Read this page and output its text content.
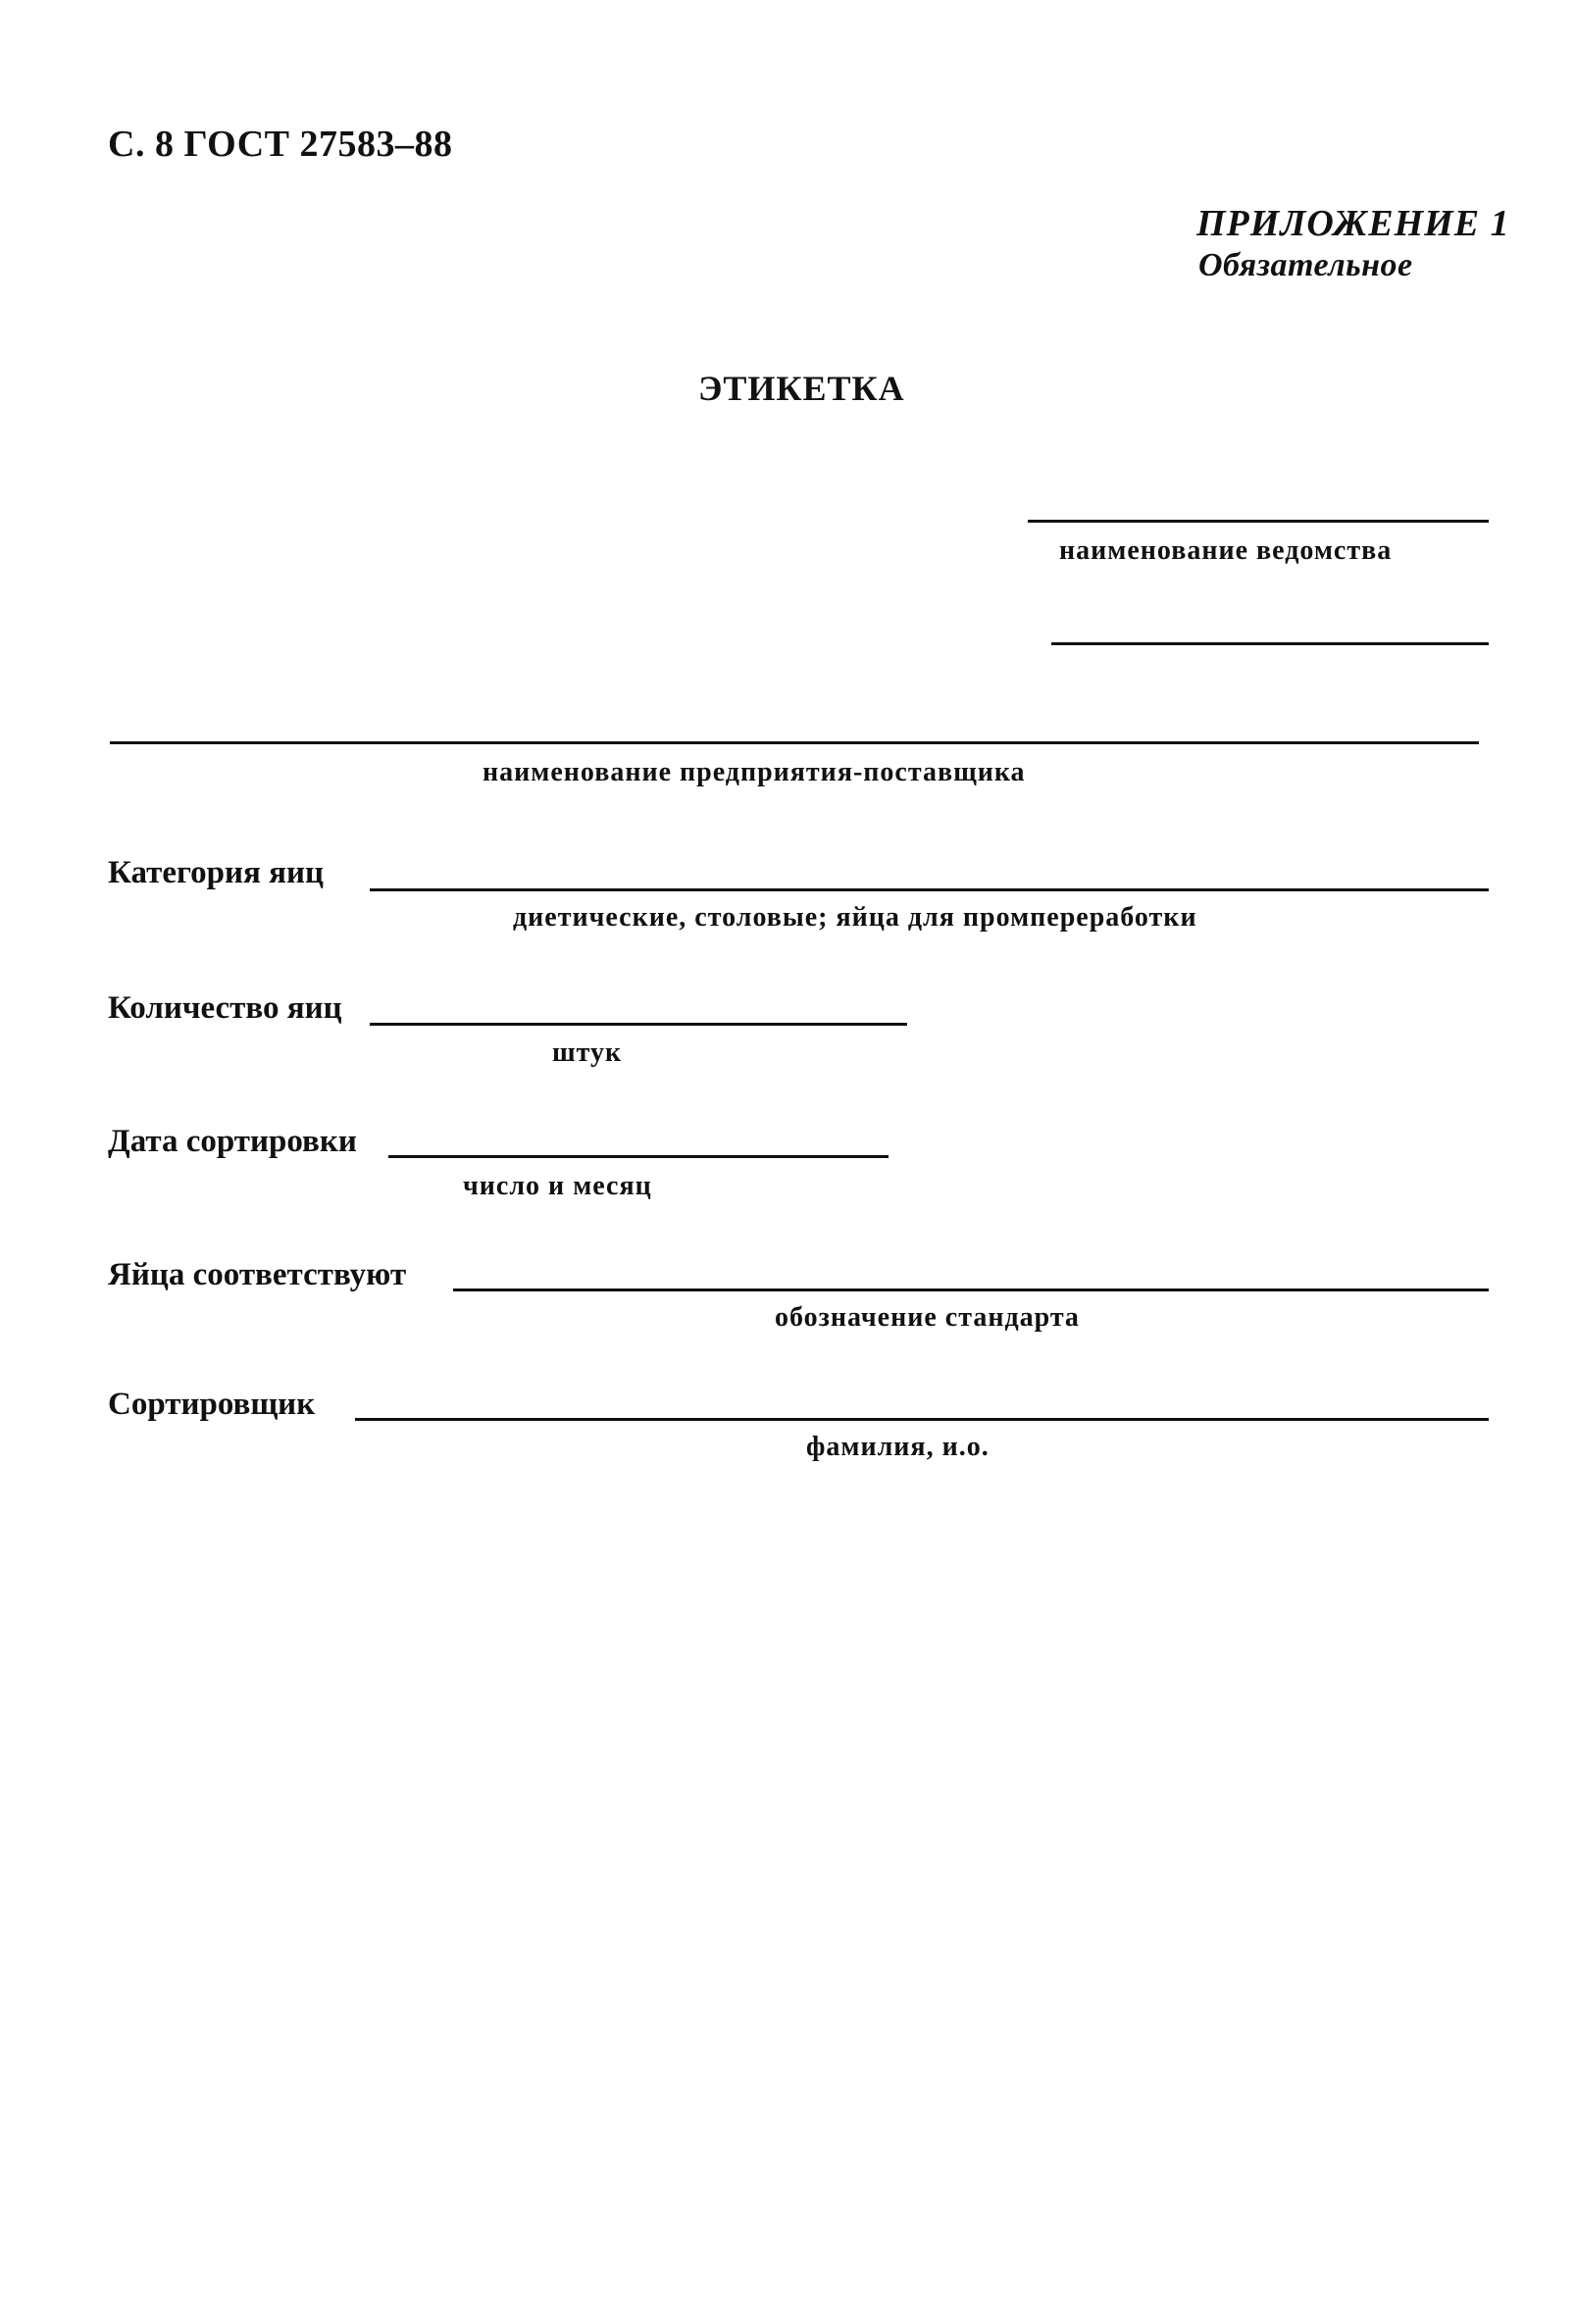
С. 8 ГОСТ 27583–88
ПРИЛОЖЕНИЕ 1
Обязательное
ЭТИКЕТКА
наименование ведомства
наименование предприятия-поставщика
Категория яиц
диетические, столовые; яйца для промпереработки
Количество яиц
штук
Дата сортировки
число и месяц
Яйца соответствуют
обозначение стандарта
Сортировщик
фамилия, и.о.
